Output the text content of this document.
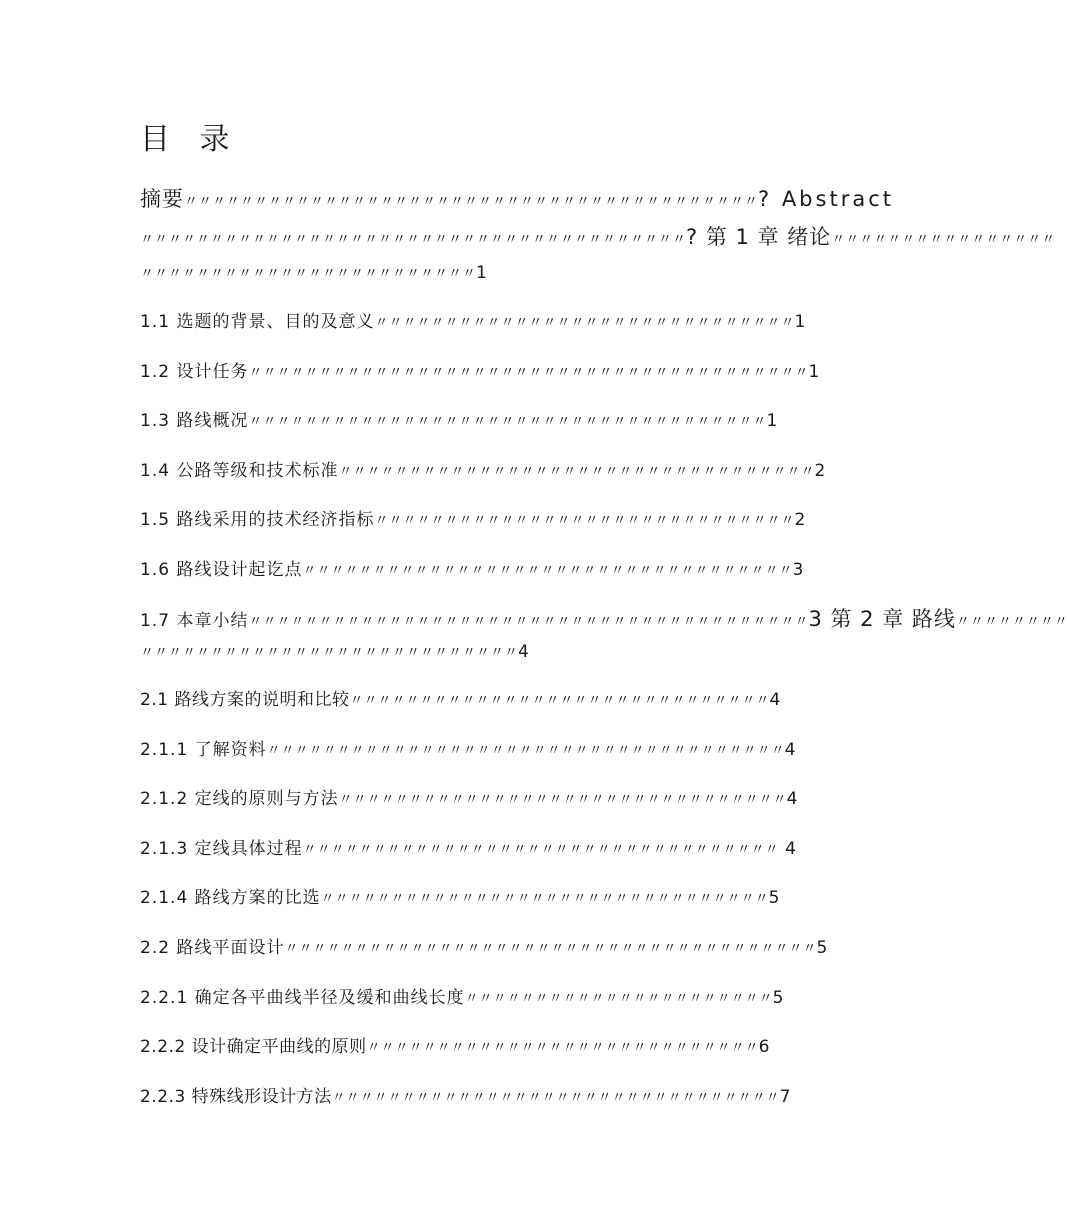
目 录
摘要〃〃〃〃〃〃〃〃〃〃〃〃〃〃〃〃〃〃〃〃〃〃〃〃〃〃〃〃〃〃〃〃〃〃〃〃〃〃〃〃〃? Abstract
〃〃〃〃〃〃〃〃〃〃〃〃〃〃〃〃〃〃〃〃〃〃〃〃〃〃〃〃〃〃〃〃〃〃〃〃〃〃〃? 第 1 章 绪论〃〃〃〃〃〃〃〃〃〃〃〃〃〃〃〃
〃〃〃〃〃〃〃〃〃〃〃〃〃〃〃〃〃〃〃〃〃〃〃〃1
1.1 选题的背景、目的及意义〃〃〃〃〃〃〃〃〃〃〃〃〃〃〃〃〃〃〃〃〃〃〃〃〃〃〃〃〃〃1
1.2 设计任务〃〃〃〃〃〃〃〃〃〃〃〃〃〃〃〃〃〃〃〃〃〃〃〃〃〃〃〃〃〃〃〃〃〃〃〃〃〃〃〃1
1.3 路线概况〃〃〃〃〃〃〃〃〃〃〃〃〃〃〃〃〃〃〃〃〃〃〃〃〃〃〃〃〃〃〃〃〃〃〃〃〃1
1.4 公路等级和技术标准〃〃〃〃〃〃〃〃〃〃〃〃〃〃〃〃〃〃〃〃〃〃〃〃〃〃〃〃〃〃〃〃〃〃2
1.5 路线采用的技术经济指标〃〃〃〃〃〃〃〃〃〃〃〃〃〃〃〃〃〃〃〃〃〃〃〃〃〃〃〃〃〃2
1.6 路线设计起讫点〃〃〃〃〃〃〃〃〃〃〃〃〃〃〃〃〃〃〃〃〃〃〃〃〃〃〃〃〃〃〃〃〃〃〃3
1.7 本章小结〃〃〃〃〃〃〃〃〃〃〃〃〃〃〃〃〃〃〃〃〃〃〃〃〃〃〃〃〃〃〃〃〃〃〃〃〃〃〃〃3 第 2 章 路线〃〃〃〃〃〃〃〃
〃〃〃〃〃〃〃〃〃〃〃〃〃〃〃〃〃〃〃〃〃〃〃〃〃〃〃4
2.1 路线方案的说明和比较〃〃〃〃〃〃〃〃〃〃〃〃〃〃〃〃〃〃〃〃〃〃〃〃〃〃〃〃〃〃4
2.1.1 了解资料〃〃〃〃〃〃〃〃〃〃〃〃〃〃〃〃〃〃〃〃〃〃〃〃〃〃〃〃〃〃〃〃〃〃〃〃〃4
2.1.2 定线的原则与方法〃〃〃〃〃〃〃〃〃〃〃〃〃〃〃〃〃〃〃〃〃〃〃〃〃〃〃〃〃〃〃〃4
2.1.3 定线具体过程〃〃〃〃〃〃〃〃〃〃〃〃〃〃〃〃〃〃〃〃〃〃〃〃〃〃〃〃〃〃〃〃〃〃 4
2.1.4 路线方案的比选〃〃〃〃〃〃〃〃〃〃〃〃〃〃〃〃〃〃〃〃〃〃〃〃〃〃〃〃〃〃〃〃5
2.2 路线平面设计〃〃〃〃〃〃〃〃〃〃〃〃〃〃〃〃〃〃〃〃〃〃〃〃〃〃〃〃〃〃〃〃〃〃〃〃〃〃5
2.2.1 确定各平曲线半径及缓和曲线长度〃〃〃〃〃〃〃〃〃〃〃〃〃〃〃〃〃〃〃〃〃〃5
2.2.2 设计确定平曲线的原则〃〃〃〃〃〃〃〃〃〃〃〃〃〃〃〃〃〃〃〃〃〃〃〃〃〃〃〃6
2.2.3 特殊线形设计方法〃〃〃〃〃〃〃〃〃〃〃〃〃〃〃〃〃〃〃〃〃〃〃〃〃〃〃〃〃〃〃〃7
